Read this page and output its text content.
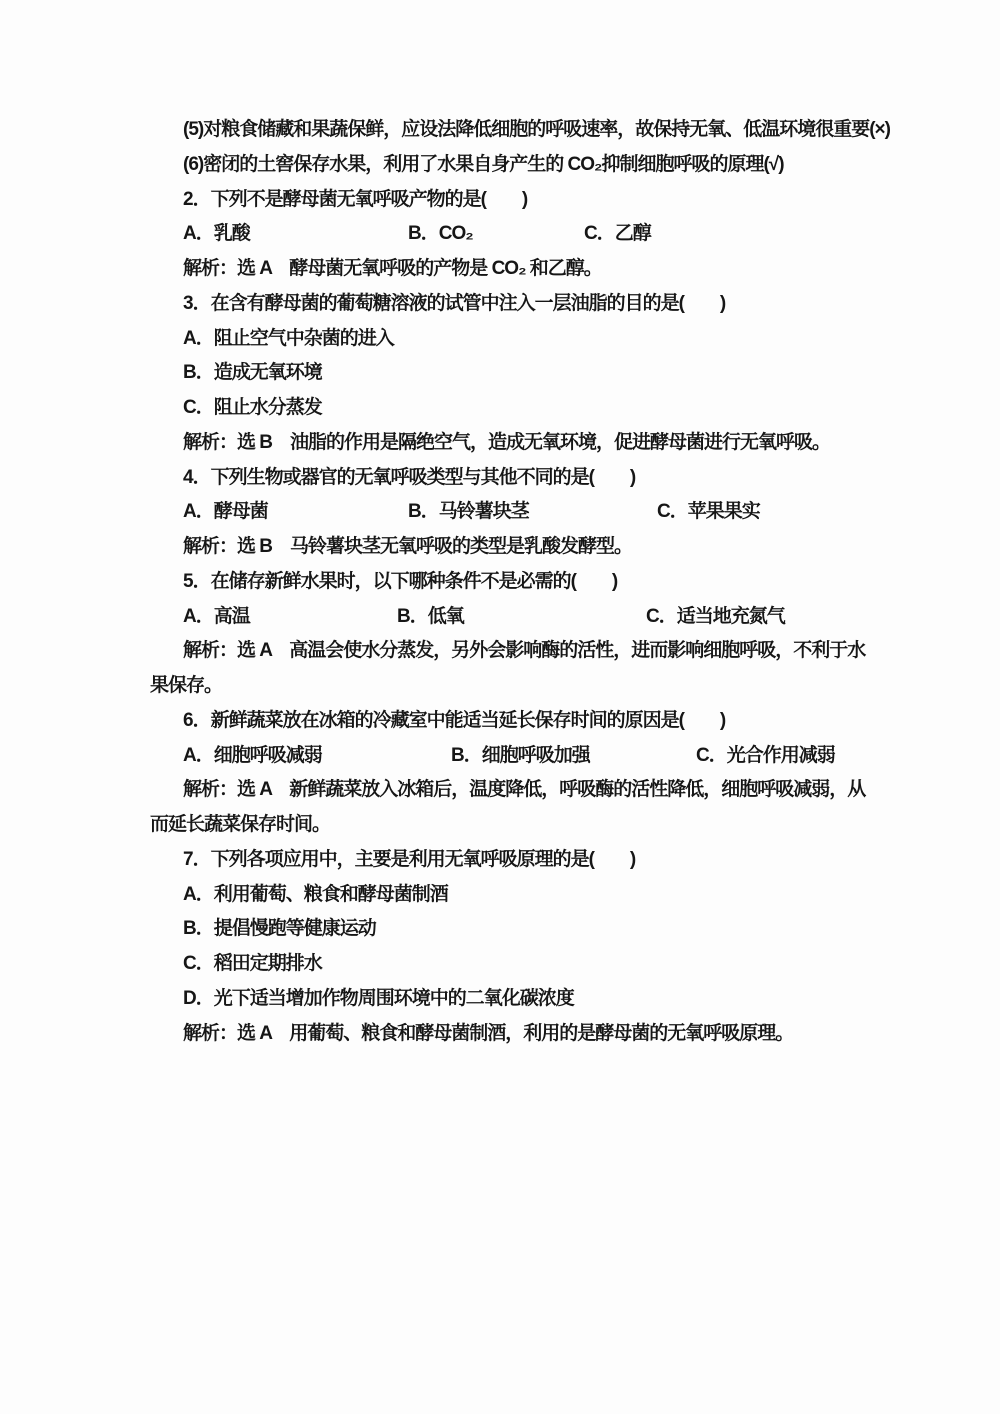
(5)对粮食储藏和果蔬保鲜，应设法降低细胞的呼吸速率，故保持无氧、低温环境很重要(×)
(6)密闭的土窖保存水果，利用了水果自身产生的 CO₂抑制细胞呼吸的原理(√)
2．下列不是酵母菌无氧呼吸产物的是(　　)
A．乳酸	B．CO₂	C．乙醇
解析：选 A　酵母菌无氧呼吸的产物是 CO₂ 和乙醇。
3．在含有酵母菌的葡萄糖溶液的试管中注入一层油脂的目的是(　　)
A．阻止空气中杂菌的进入
B．造成无氧环境
C．阻止水分蒸发
解析：选 B　油脂的作用是隔绝空气，造成无氧环境，促进酵母菌进行无氧呼吸。
4．下列生物或器官的无氧呼吸类型与其他不同的是(　　)
A．酵母菌	B．马铃薯块茎	C．苹果果实
解析：选 B　马铃薯块茎无氧呼吸的类型是乳酸发酵型。
5．在储存新鲜水果时，以下哪种条件不是必需的(　　)
A．高温	B．低氧	C．适当地充氮气
解析：选 A　高温会使水分蒸发，另外会影响酶的活性，进而影响细胞呼吸，不利于水
果保存。
6．新鲜蔬菜放在冰箱的冷藏室中能适当延长保存时间的原因是(　　)
A．细胞呼吸减弱	B．细胞呼吸加强	C．光合作用减弱
解析：选 A　新鲜蔬菜放入冰箱后，温度降低，呼吸酶的活性降低，细胞呼吸减弱，从
而延长蔬菜保存时间。
7．下列各项应用中，主要是利用无氧呼吸原理的是(　　)
A．利用葡萄、粮食和酵母菌制酒
B．提倡慢跑等健康运动
C．稻田定期排水
D．光下适当增加作物周围环境中的二氧化碳浓度
解析：选 A　用葡萄、粮食和酵母菌制酒，利用的是酵母菌的无氧呼吸原理。
